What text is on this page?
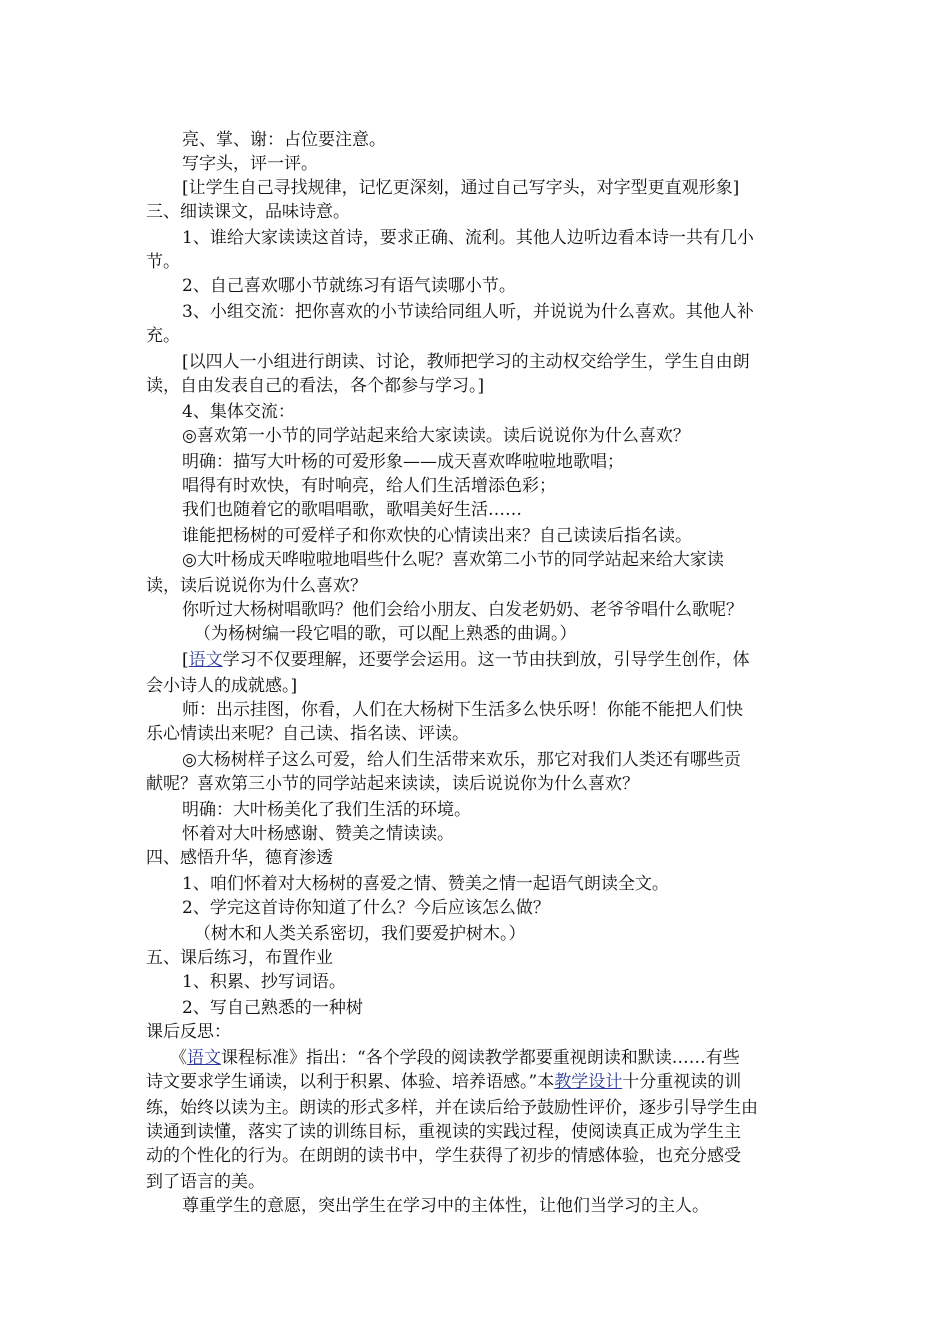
亮、掌、谢：占位要注意。
写字头，评一评。
[让学生自己寻找规律，记忆更深刻，通过自己写字头，对字型更直观形象]
三、细读课文，品味诗意。
1、谁给大家读读这首诗，要求正确、流利。其他人边听边看本诗一共有几小
节。
2、自己喜欢哪小节就练习有语气读哪小节。
3、小组交流：把你喜欢的小节读给同组人听，并说说为什么喜欢。其他人补
充。
[以四人一小组进行朗读、讨论，教师把学习的主动权交给学生，学生自由朗
读，自由发表自己的看法，各个都参与学习。]
4、集体交流：
◎喜欢第一小节的同学站起来给大家读读。读后说说你为什么喜欢？
明确：描写大叶杨的可爱形象——成天喜欢哗啦啦地歌唱；
唱得有时欢快，有时响亮，给人们生活增添色彩；
我们也随着它的歌唱唱歌，歌唱美好生活……
谁能把杨树的可爱样子和你欢快的心情读出来？自己读读后指名读。
◎大叶杨成天哗啦啦地唱些什么呢？喜欢第二小节的同学站起来给大家读
读，读后说说你为什么喜欢？
你听过大杨树唱歌吗？他们会给小朋友、白发老奶奶、老爷爷唱什么歌呢？
（为杨树编一段它唱的歌，可以配上熟悉的曲调。）
[语文学习不仅要理解，还要学会运用。这一节由扶到放，引导学生创作，体
会小诗人的成就感。]
师：出示挂图，你看，人们在大杨树下生活多么快乐呀！你能不能把人们快
乐心情读出来呢？自己读、指名读、评读。
◎大杨树样子这么可爱，给人们生活带来欢乐，那它对我们人类还有哪些贡
献呢？喜欢第三小节的同学站起来读读，读后说说你为什么喜欢？
明确：大叶杨美化了我们生活的环境。
怀着对大叶杨感谢、赞美之情读读。
四、感悟升华，德育渗透
1、咱们怀着对大杨树的喜爱之情、赞美之情一起语气朗读全文。
2、学完这首诗你知道了什么？今后应该怎么做？
（树木和人类关系密切，我们要爱护树木。）
五、课后练习，布置作业
1、积累、抄写词语。
2、写自己熟悉的一种树
课后反思：
《语文课程标准》指出：“各个学段的阅读教学都要重视朗读和默读……有些
诗文要求学生诵读，以利于积累、体验、培养语感。”本教学设计十分重视读的训
练，始终以读为主。朗读的形式多样，并在读后给予鼓励性评价，逐步引导学生由
读通到读懂，落实了读的训练目标，重视读的实践过程，使阅读真正成为学生主
动的个性化的行为。在朗朗的读书中，学生获得了初步的情感体验，也充分感受
到了语言的美。
尊重学生的意愿，突出学生在学习中的主体性，让他们当学习的主人。
